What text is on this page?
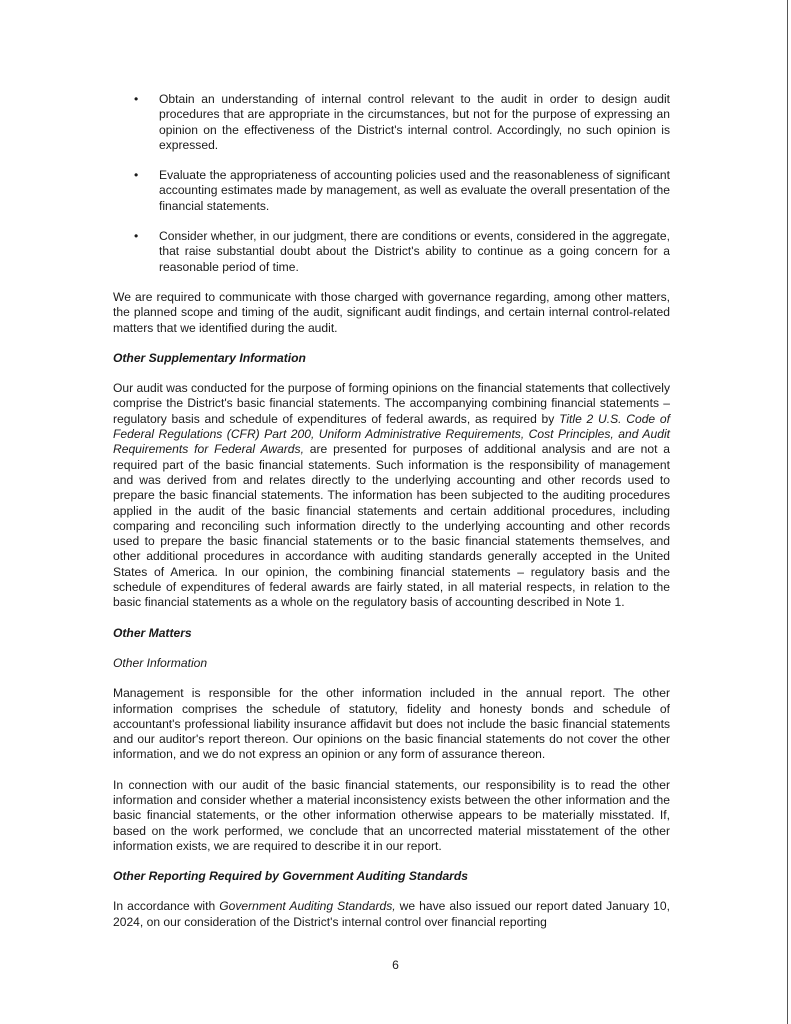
• Obtain an understanding of internal control relevant to the audit in order to design audit procedures that are appropriate in the circumstances, but not for the purpose of expressing an opinion on the effectiveness of the District's internal control. Accordingly, no such opinion is expressed.
• Evaluate the appropriateness of accounting policies used and the reasonableness of significant accounting estimates made by management, as well as evaluate the overall presentation of the financial statements.
• Consider whether, in our judgment, there are conditions or events, considered in the aggregate, that raise substantial doubt about the District's ability to continue as a going concern for a reasonable period of time.

We are required to communicate with those charged with governance regarding, among other matters, the planned scope and timing of the audit, significant audit findings, and certain internal control-related matters that we identified during the audit.

Other Supplementary Information

Our audit was conducted for the purpose of forming opinions on the financial statements that collectively comprise the District's basic financial statements. The accompanying combining financial statements – regulatory basis and schedule of expenditures of federal awards, as required by Title 2 U.S. Code of Federal Regulations (CFR) Part 200, Uniform Administrative Requirements, Cost Principles, and Audit Requirements for Federal Awards, are presented for purposes of additional analysis and are not a required part of the basic financial statements. Such information is the responsibility of management and was derived from and relates directly to the underlying accounting and other records used to prepare the basic financial statements. The information has been subjected to the auditing procedures applied in the audit of the basic financial statements and certain additional procedures, including comparing and reconciling such information directly to the underlying accounting and other records used to prepare the basic financial statements or to the basic financial statements themselves, and other additional procedures in accordance with auditing standards generally accepted in the United States of America. In our opinion, the combining financial statements – regulatory basis and the schedule of expenditures of federal awards are fairly stated, in all material respects, in relation to the basic financial statements as a whole on the regulatory basis of accounting described in Note 1.

Other Matters
Other Information

Management is responsible for the other information included in the annual report. The other information comprises the schedule of statutory, fidelity and honesty bonds and schedule of accountant's professional liability insurance affidavit but does not include the basic financial statements and our auditor's report thereon. Our opinions on the basic financial statements do not cover the other information, and we do not express an opinion or any form of assurance thereon.

In connection with our audit of the basic financial statements, our responsibility is to read the other information and consider whether a material inconsistency exists between the other information and the basic financial statements, or the other information otherwise appears to be materially misstated. If, based on the work performed, we conclude that an uncorrected material misstatement of the other information exists, we are required to describe it in our report.

Other Reporting Required by Government Auditing Standards

In accordance with Government Auditing Standards, we have also issued our report dated January 10, 2024, on our consideration of the District's internal control over financial reporting

6
